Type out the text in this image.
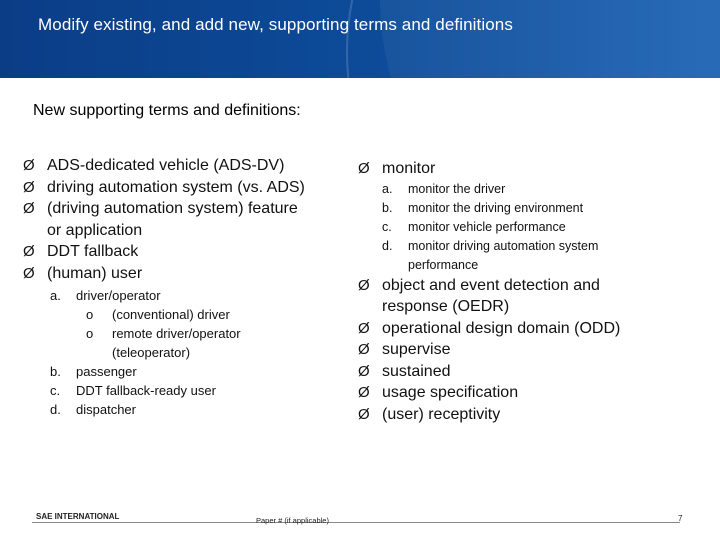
Modify existing, and add new, supporting terms and definitions
New supporting terms and definitions:
Ø ADS-dedicated vehicle (ADS-DV)
Ø driving automation system (vs. ADS)
Ø (driving automation system) feature
or application
Ø DDT fallback
Ø (human) user
a. driver/operator
o (conventional) driver
o remote driver/operator
(teleoperator)
b. passenger
c. DDT fallback-ready user
d. dispatcher
Ø monitor
a. monitor the driver
b. monitor the driving environment
c. monitor vehicle performance
d. monitor driving automation system
performance
Ø object and event detection and
response (OEDR)
Ø operational design domain (ODD)
Ø supervise
Ø sustained
Ø usage specification
Ø (user) receptivity
SAE INTERNATIONAL	Paper # (if applicable)	7
